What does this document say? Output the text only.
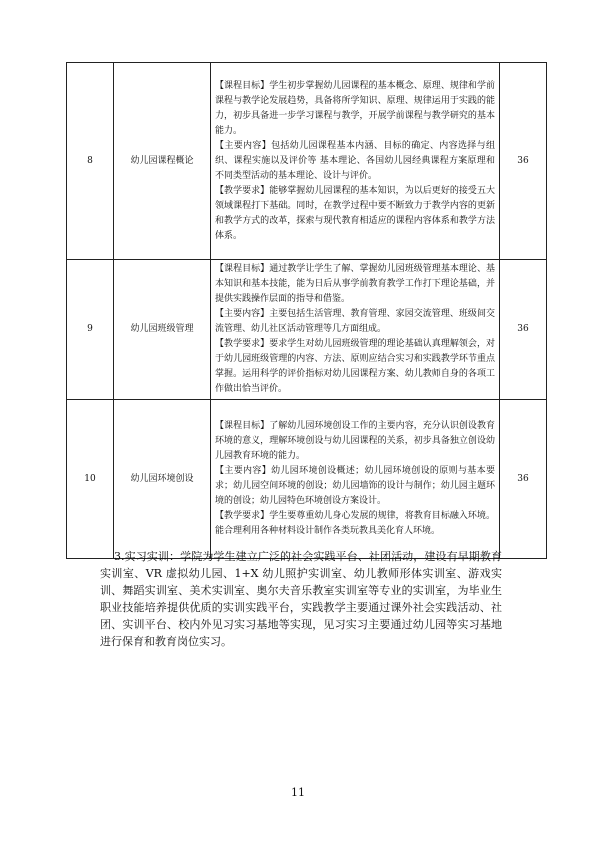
8	幼儿园课程概论	【课程目标】学生初步掌握幼儿园课程的基本概念、原理、规律和学前课程与教学论发展趋势，具备将所学知识、原理、规律运用于实践的能力，初步具备进一步学习课程与教学，开展学前课程与教学研究的基本能力。
【主要内容】包括幼儿园课程基本内涵、目标的确定、内容选择与组织、课程实施以及评价等 基本理论、各国幼儿园经典课程方案原理和不同类型活动的基本理论、设计与评价。
【教学要求】能够掌握幼儿园课程的基本知识，为以后更好的接受五大领域课程打下基础。同时，在教学过程中要不断致力于教学内容的更新和教学方式的改革，探索与现代教育相适应的课程内容体系和教学方法体系。	36
9	幼儿园班级管理	【课程目标】通过教学让学生了解、掌握幼儿园班级管理基本理论、基本知识和基本技能，能为日后从事学前教育教学工作打下理论基础，并提供实践操作层面的指导和借鉴。
【主要内容】主要包括生活管理、教育管理、家园交流管理、班级间交流管理、幼儿社区活动管理等几方面组成。
【教学要求】要求学生对幼儿园班级管理的理论基础认真理解领会，对于幼儿园班级管理的内容、方法、原则应结合实习和实践教学环节重点掌握。运用科学的评价指标对幼儿园课程方案、幼儿教师自身的各项工作做出恰当评价。	36
10	幼儿园环境创设	【课程目标】了解幼儿园环境创设工作的主要内容，充分认识创设教育环境的意义，理解环境创设与幼儿园课程的关系，初步具备独立创设幼儿园教育环境的能力。
【主要内容】幼儿园环境创设概述；幼儿园环境创设的原则与基本要求；幼儿园空间环境的创设；幼儿园墙饰的设计与制作；幼儿园主题环境的创设；幼儿园特色环境创设方案设计。
【教学要求】学生要尊重幼儿身心发展的规律，将教育目标融入环境。能合理利用各种材料设计制作各类玩教具美化育人环境。	36

3.实习实训：学院为学生建立广泛的社会实践平台、社团活动，建设有早期教育实训室、VR 虚拟幼儿园、1+X 幼儿照护实训室、幼儿教师形体实训室、游戏实训、舞蹈实训室、美术实训室、奥尔夫音乐教室实训室等专业的实训室，为毕业生职业技能培养提供优质的实训实践平台，实践教学主要通过课外社会实践活动、社团、实训平台、校内外见习实习基地等实现，见习实习主要通过幼儿园等实习基地进行保育和教育岗位实习。

11
